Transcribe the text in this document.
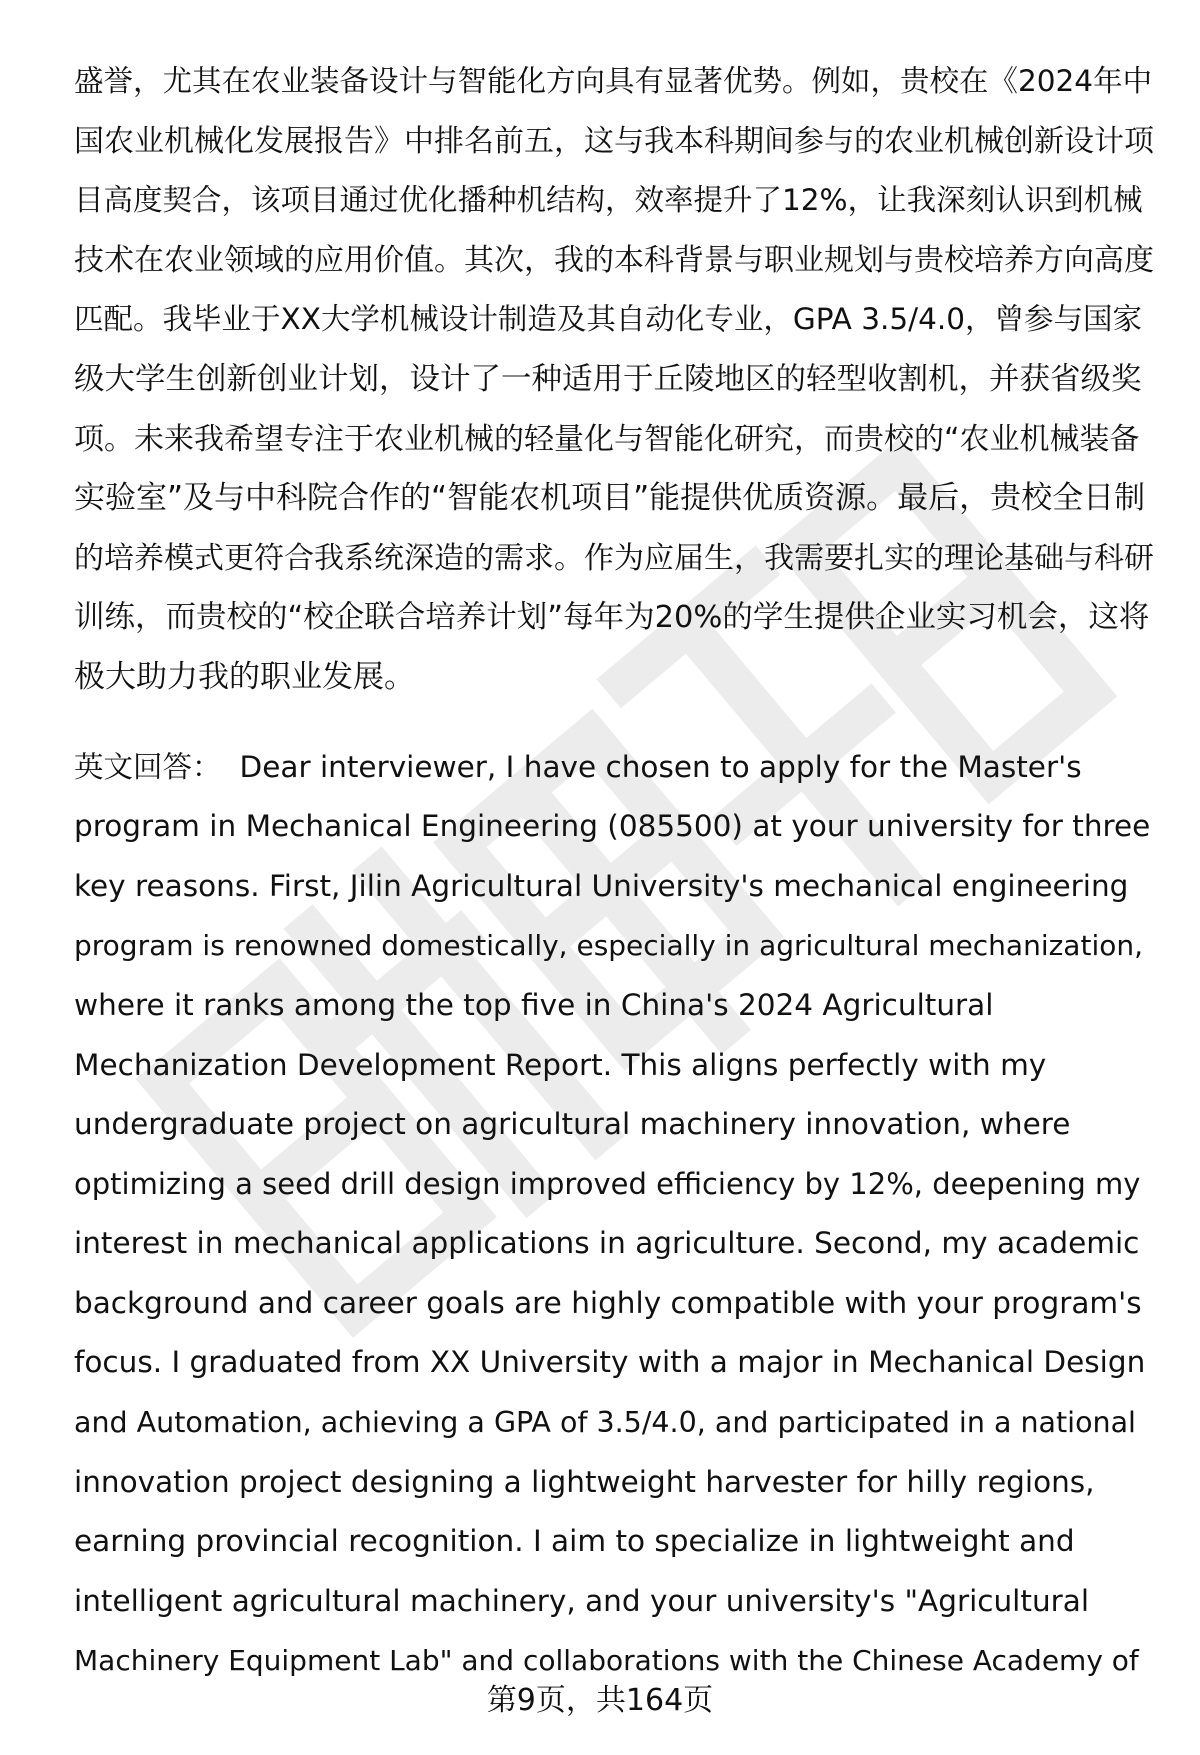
盛誉，尤其在农业装备设计与智能化方向具有显著优势。例如，贵校在《2024年中
国农业机械化发展报告》中排名前五，这与我本科期间参与的农业机械创新设计项
目高度契合，该项目通过优化播种机结构，效率提升了12%，让我深刻认识到机械
技术在农业领域的应用价值。其次，我的本科背景与职业规划与贵校培养方向高度
匹配。我毕业于XX大学机械设计制造及其自动化专业，GPA 3.5/4.0，曾参与国家
级大学生创新创业计划，设计了一种适用于丘陵地区的轻型收割机，并获省级奖
项。未来我希望专注于农业机械的轻量化与智能化研究，而贵校的“农业机械装备
实验室”及与中科院合作的“智能农机项目”能提供优质资源。最后，贵校全日制
的培养模式更符合我系统深造的需求。作为应届生，我需要扎实的理论基础与科研
训练，而贵校的“校企联合培养计划”每年为20%的学生提供企业实习机会，这将
极大助力我的职业发展。

英文回答： Dear interviewer, I have chosen to apply for the Master's
program in Mechanical Engineering (085500) at your university for three
key reasons. First, Jilin Agricultural University's mechanical engineering
program is renowned domestically, especially in agricultural mechanization,
where it ranks among the top five in China's 2024 Agricultural
Mechanization Development Report. This aligns perfectly with my
undergraduate project on agricultural machinery innovation, where
optimizing a seed drill design improved efficiency by 12%, deepening my
interest in mechanical applications in agriculture. Second, my academic
background and career goals are highly compatible with your program's
focus. I graduated from XX University with a major in Mechanical Design
and Automation, achieving a GPA of 3.5/4.0, and participated in a national
innovation project designing a lightweight harvester for hilly regions,
earning provincial recognition. I aim to specialize in lightweight and
intelligent agricultural machinery, and your university's "Agricultural
Machinery Equipment Lab" and collaborations with the Chinese Academy of

第9页，共164页
